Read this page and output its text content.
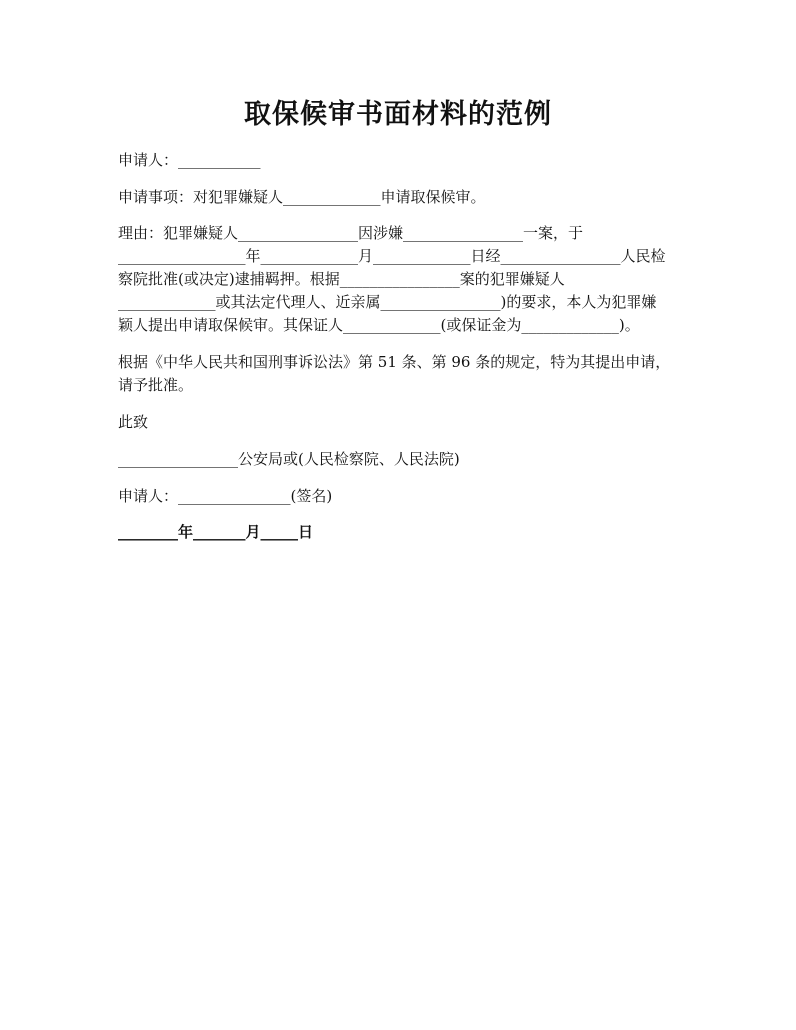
取保候审书面材料的范例
申请人：___________
申请事项：对犯罪嫌疑人_____________申请取保候审。
理由：犯罪嫌疑人________________因涉嫌________________一案，于
_________________年_____________月_____________日经________________人民检
察院批准(或决定)逮捕羁押。根据________________案的犯罪嫌疑人
_____________或其法定代理人、近亲属________________)的要求，本人为犯罪嫌
颖人提出申请取保候审。其保证人_____________(或保证金为_____________)。
根据《中华人民共和国刑事诉讼法》第 51 条、第 96 条的规定，特为其提出申请，
请予批准。
此致
________________公安局或(人民检察院、人民法院)
申请人：_______________(签名)
________年_______月_____日
